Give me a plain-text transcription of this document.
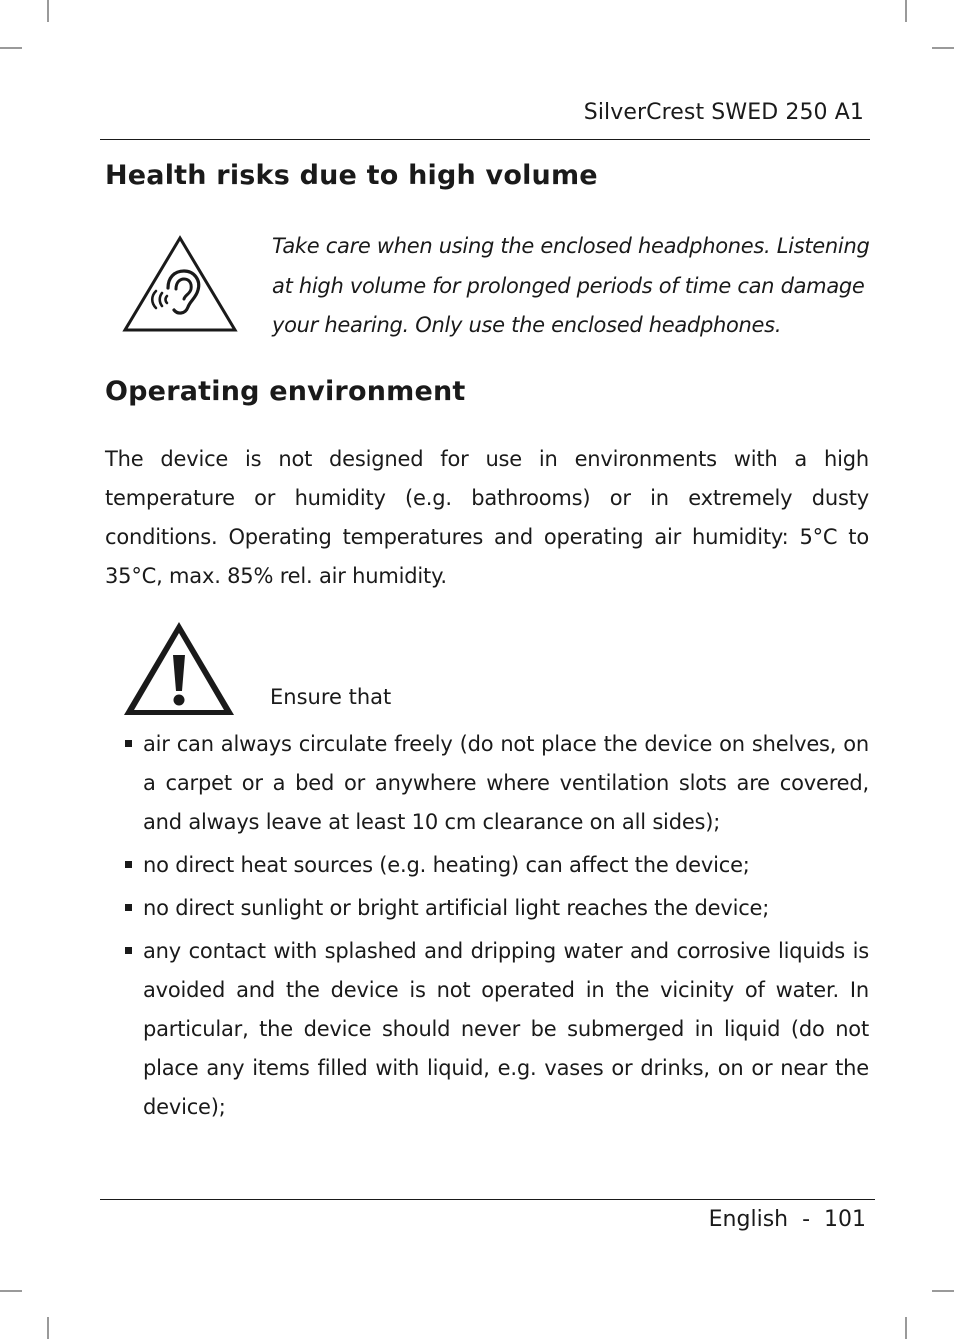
SilverCrest SWED 250 A1
Health risks due to high volume

Take care when using the enclosed headphones. Listening at high volume for prolonged periods of time can damage your hearing. Only use the enclosed headphones.

Operating environment

The device is not designed for use in environments with a high temperature or humidity (e.g. bathrooms) or in extremely dusty conditions. Operating temperatures and operating air humidity: 5°C to 35°C, max. 85% rel. air humidity.

Ensure that
air can always circulate freely (do not place the device on shelves, on a carpet or a bed or anywhere where ventilation slots are covered, and always leave at least 10 cm clearance on all sides);
no direct heat sources (e.g. heating) can affect the device;
no direct sunlight or bright artificial light reaches the device;
any contact with splashed and dripping water and corrosive liquids is avoided and the device is not operated in the vicinity of water. In particular, the device should never be submerged in liquid (do not place any items filled with liquid, e.g. vases or drinks, on or near the device);
English  -  101
